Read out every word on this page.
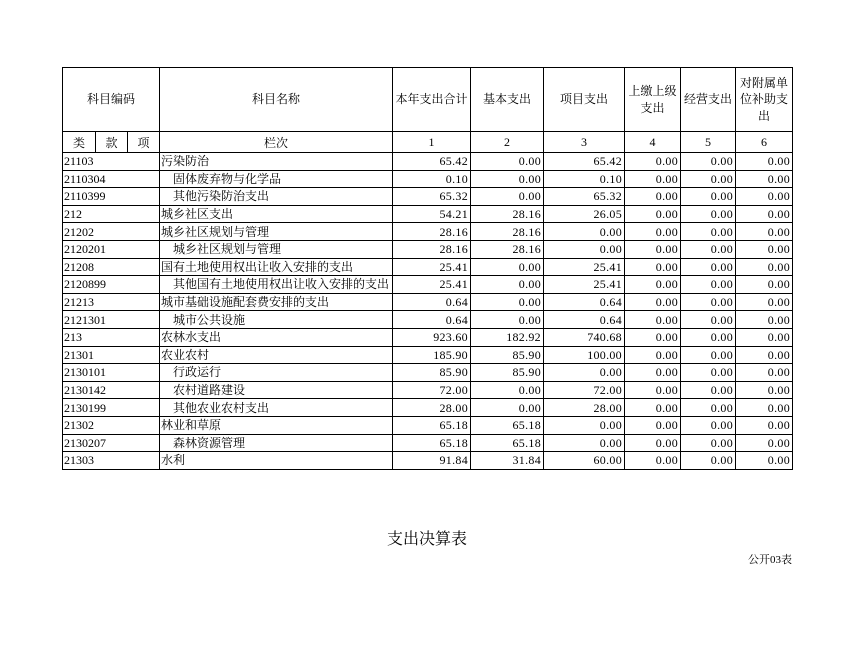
科目编码			科目名称	本年支出合计	基本支出	项目支出	上缴上级支出	经营支出	对附属单位补助支出
类	款	项	栏次	1	2	3	4	5	6
21103			污染防治	65.42	0.00	65.42	0.00	0.00	0.00
2110304			固体废弃物与化学品	0.10	0.00	0.10	0.00	0.00	0.00
2110399			其他污染防治支出	65.32	0.00	65.32	0.00	0.00	0.00
212			城乡社区支出	54.21	28.16	26.05	0.00	0.00	0.00
21202			城乡社区规划与管理	28.16	28.16	0.00	0.00	0.00	0.00
2120201			城乡社区规划与管理	28.16	28.16	0.00	0.00	0.00	0.00
21208			国有土地使用权出让收入安排的支出	25.41	0.00	25.41	0.00	0.00	0.00
2120899			其他国有土地使用权出让收入安排的支出	25.41	0.00	25.41	0.00	0.00	0.00
21213			城市基础设施配套费安排的支出	0.64	0.00	0.64	0.00	0.00	0.00
2121301			城市公共设施	0.64	0.00	0.64	0.00	0.00	0.00
213			农林水支出	923.60	182.92	740.68	0.00	0.00	0.00
21301			农业农村	185.90	85.90	100.00	0.00	0.00	0.00
2130101			行政运行	85.90	85.90	0.00	0.00	0.00	0.00
2130142			农村道路建设	72.00	0.00	72.00	0.00	0.00	0.00
2130199			其他农业农村支出	28.00	0.00	28.00	0.00	0.00	0.00
21302			林业和草原	65.18	65.18	0.00	0.00	0.00	0.00
2130207			森林资源管理	65.18	65.18	0.00	0.00	0.00	0.00
21303			水利	91.84	31.84	60.00	0.00	0.00	0.00
支出决算表
公开03表
